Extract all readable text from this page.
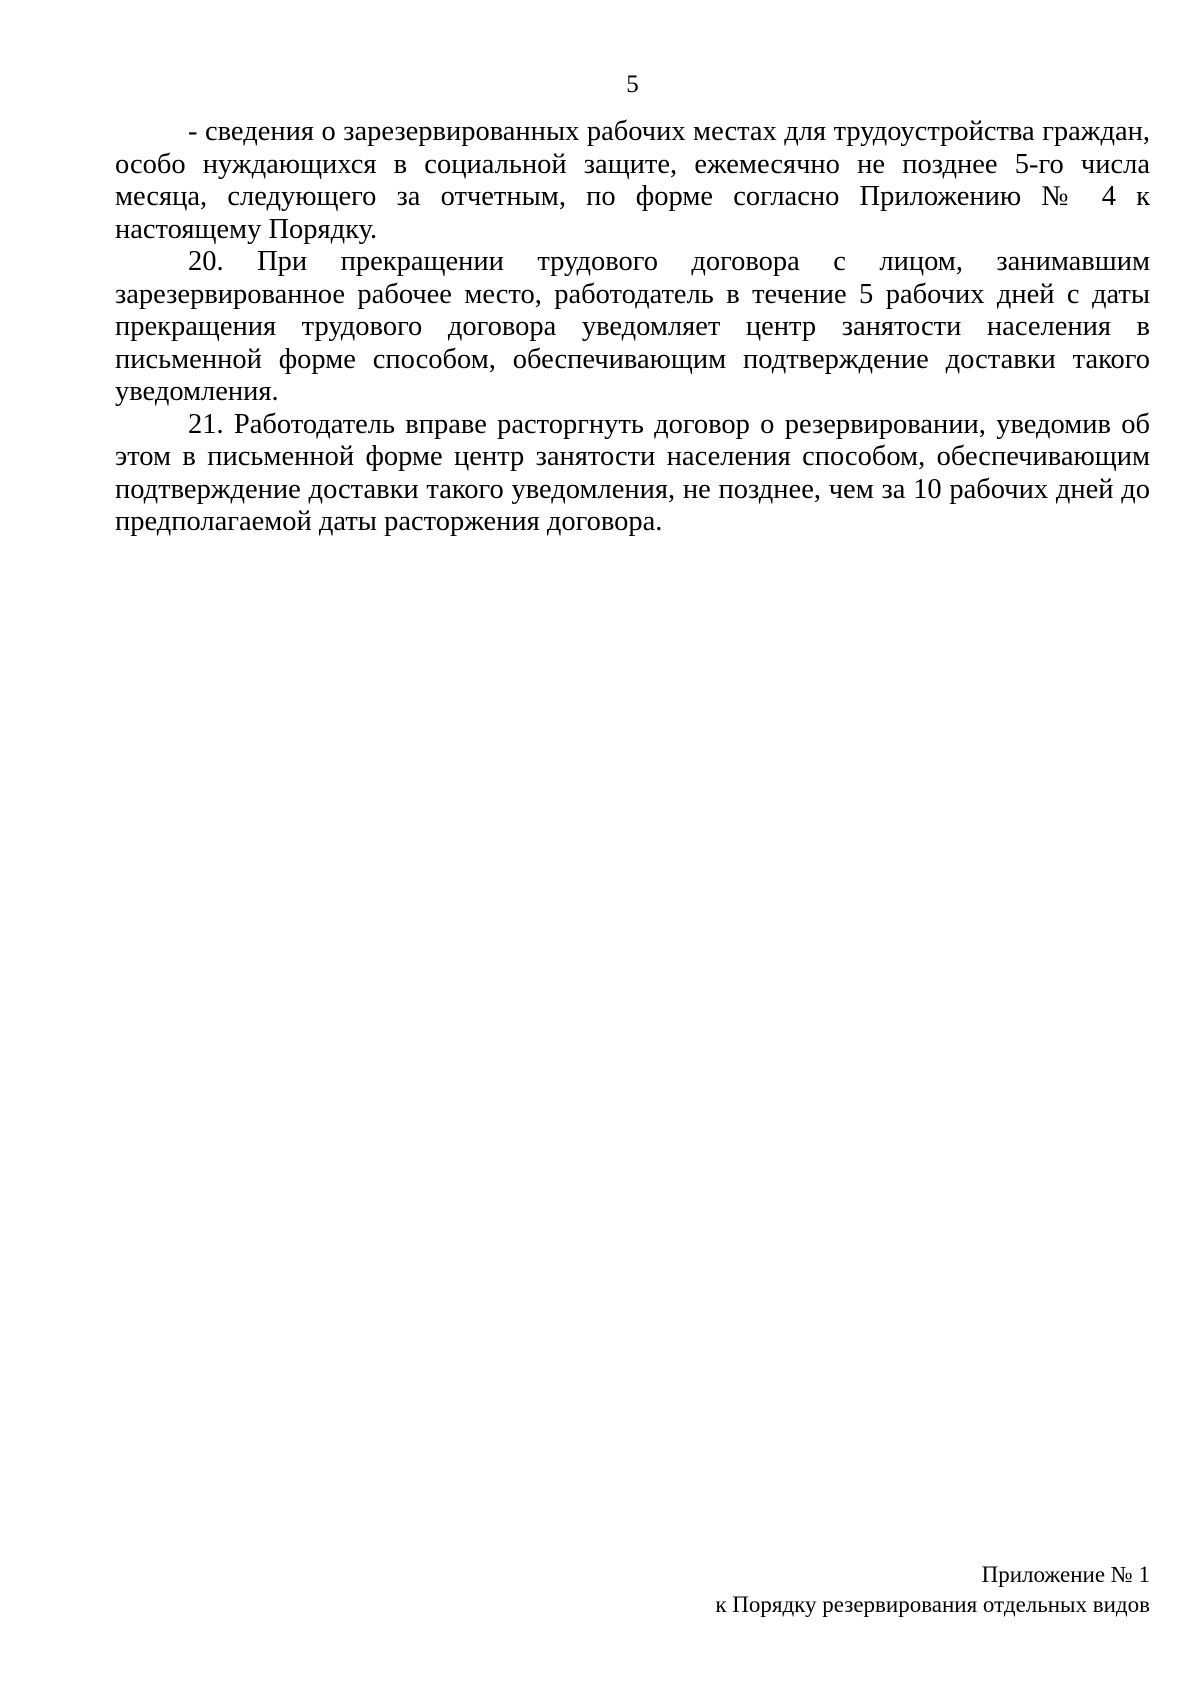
5

- сведения о зарезервированных рабочих местах для трудоустройства граждан, особо нуждающихся в социальной защите, ежемесячно не позднее 5-го числа месяца, следующего за отчетным, по форме согласно Приложению № 4 к настоящему Порядку.

20. При прекращении трудового договора с лицом, занимавшим зарезервированное рабочее место, работодатель в течение 5 рабочих дней с даты прекращения трудового договора уведомляет центр занятости населения в письменной форме способом, обеспечивающим подтверждение доставки такого уведомления.

21. Работодатель вправе расторгнуть договор о резервировании, уведомив об этом в письменной форме центр занятости населения способом, обеспечивающим подтверждение доставки такого уведомления, не позднее, чем за 10 рабочих дней до предполагаемой даты расторжения договора.

Приложение № 1
к Порядку резервирования отдельных видов
